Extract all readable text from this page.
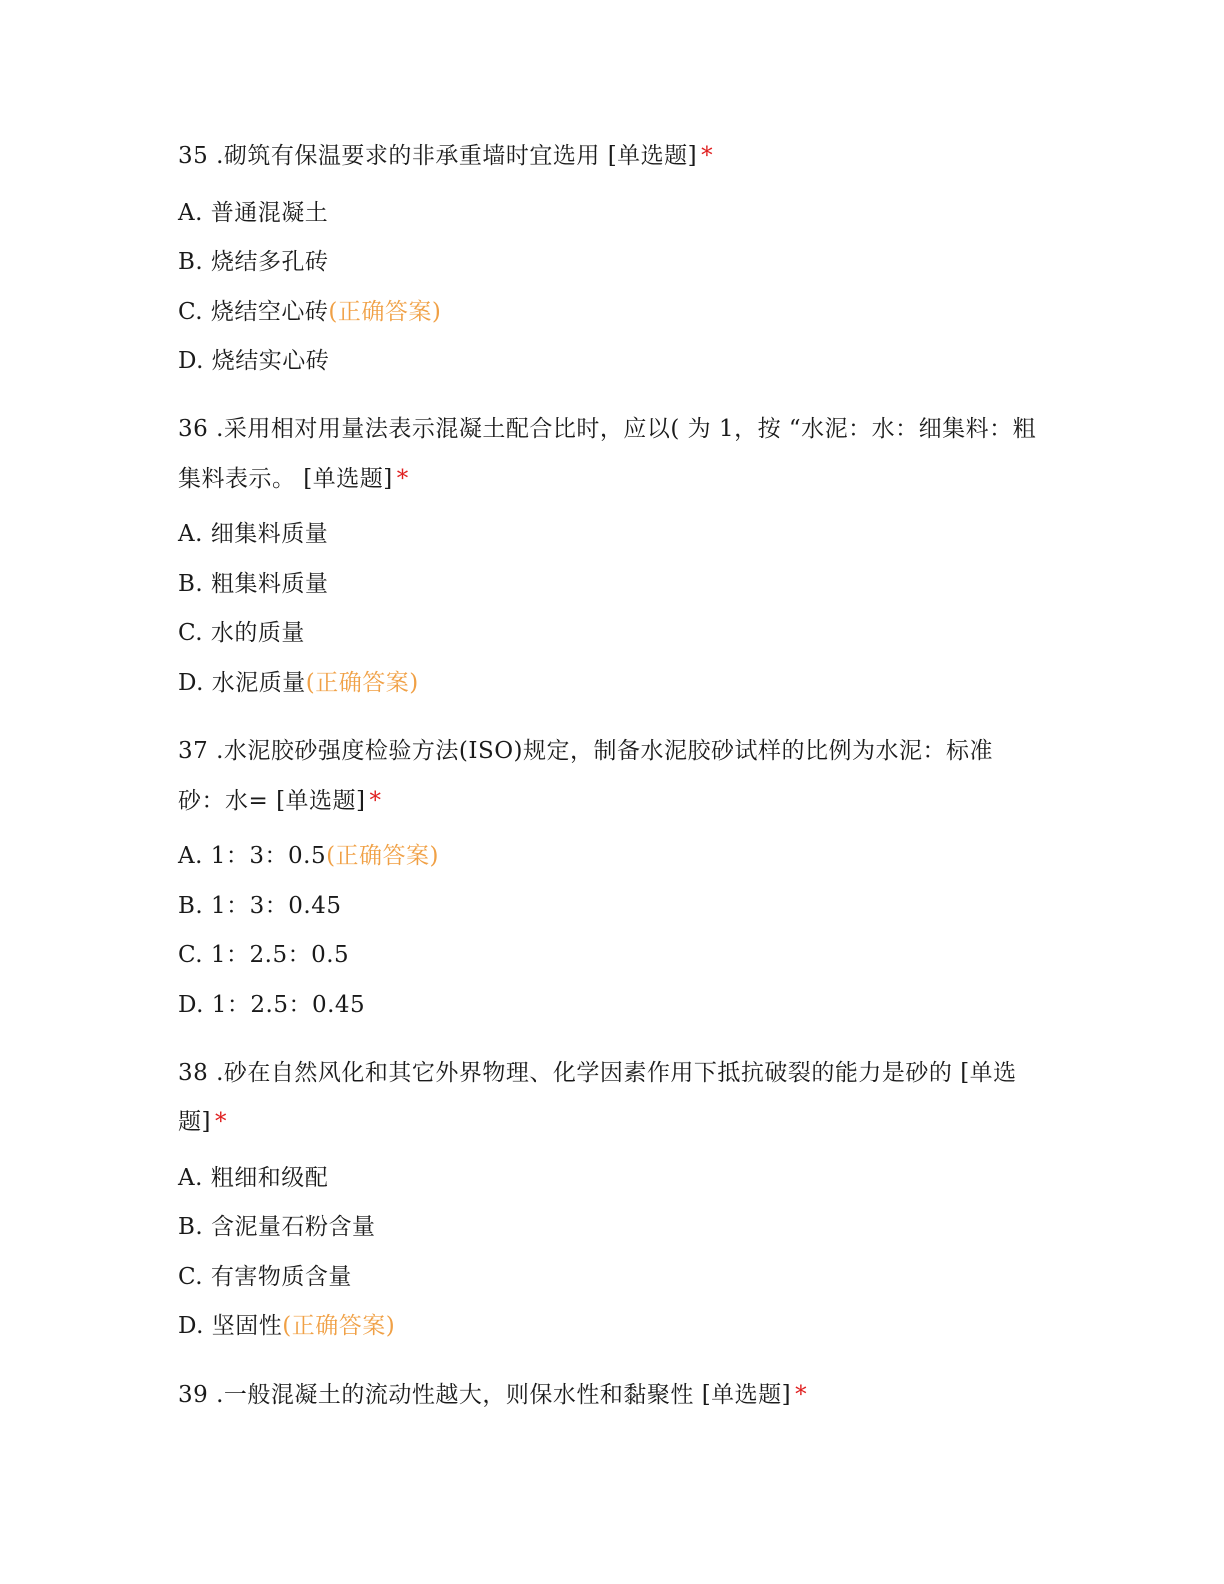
35 .砌筑有保温要求的非承重墙时宜选用 [单选题] *
A. 普通混凝土
B. 烧结多孔砖
C. 烧结空心砖(正确答案)
D. 烧结实心砖
36 .采用相对用量法表示混凝土配合比时，应以( 为 1，按 “水泥：水：细集料：粗
集料表示。 [单选题] *
A. 细集料质量
B. 粗集料质量
C. 水的质量
D. 水泥质量(正确答案)
37 .水泥胶砂强度检验方法(ISO)规定，制备水泥胶砂试样的比例为水泥：标准
砂：水= [单选题] *
A. 1：3：0.5(正确答案)
B. 1：3：0.45
C. 1：2.5：0.5
D. 1：2.5：0.45
38 .砂在自然风化和其它外界物理、化学因素作用下抵抗破裂的能力是砂的 [单选
题] *
A. 粗细和级配
B. 含泥量石粉含量
C. 有害物质含量
D. 坚固性(正确答案)
39 .一般混凝土的流动性越大，则保水性和黏聚性 [单选题] *
